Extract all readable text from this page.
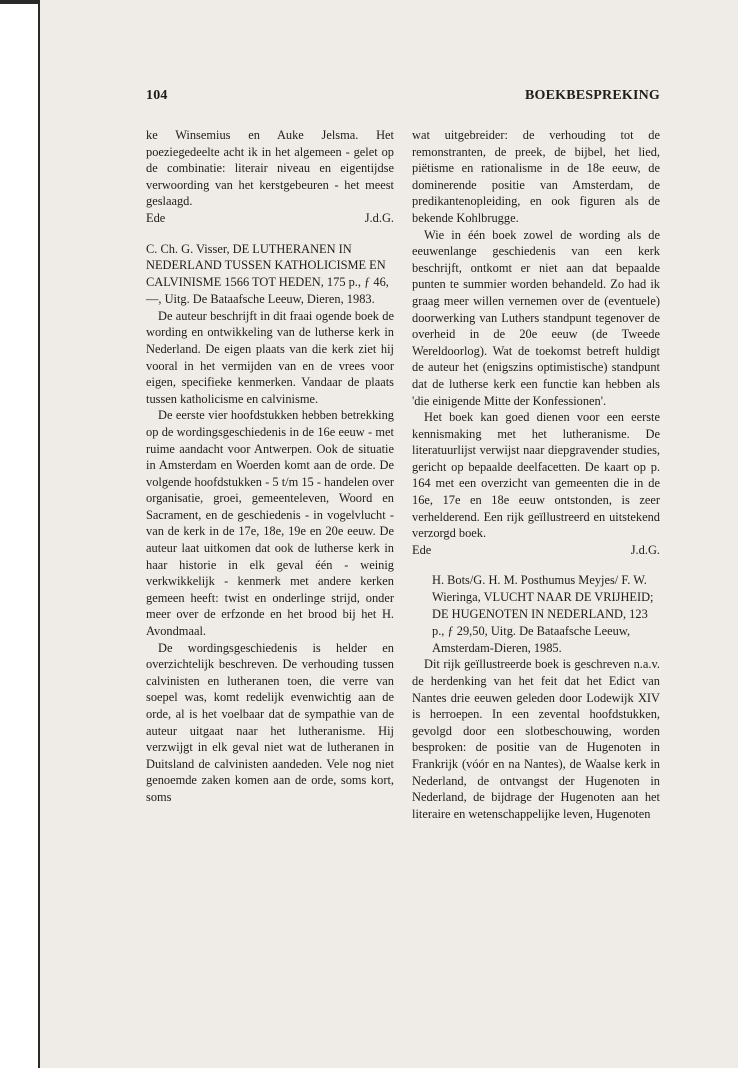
104	BOEKBESPREKING

ke Winsemius en Auke Jelsma. Het poeziegedeelte acht ik in het algemeen - gelet op de combinatie: literair niveau en eigentijdse verwoording van het kerstgebeuren - het meest geslaagd.

Ede	J.d.G.

C. Ch. G. Visser, DE LUTHERANEN IN NEDERLAND TUSSEN KATHOLICISME EN CALVINISME 1566 TOT HEDEN, 175 p., ƒ 46,—, Uitg. De Bataafsche Leeuw, Dieren, 1983.

De auteur beschrijft in dit fraai ogende boek de wording en ontwikkeling van de lutherse kerk in Nederland. De eigen plaats van die kerk ziet hij vooral in het vermijden van en de vrees voor eigen, specifieke kenmerken. Vandaar de plaats tussen katholicisme en calvinisme.

De eerste vier hoofdstukken hebben betrekking op de wordingsgeschiedenis in de 16e eeuw - met ruime aandacht voor Antwerpen. Ook de situatie in Amsterdam en Woerden komt aan de orde. De volgende hoofdstukken - 5 t/m 15 - handelen over organisatie, groei, gemeenteleven, Woord en Sacrament, en de geschiedenis - in vogelvlucht - van de kerk in de 17e, 18e, 19e en 20e eeuw. De auteur laat uitkomen dat ook de lutherse kerk in haar historie in elk geval één - weinig verkwikkelijk - kenmerk met andere kerken gemeen heeft: twist en onderlinge strijd, onder meer over de erfzonde en het brood bij het H. Avondmaal.

De wordingsgeschiedenis is helder en overzichtelijk beschreven. De verhouding tussen calvinisten en lutheranen toen, die verre van soepel was, komt redelijk evenwichtig aan de orde, al is het voelbaar dat de sympathie van de auteur uitgaat naar het lutheranisme. Hij verzwijgt in elk geval niet wat de lutheranen in Duitsland de calvinisten aandeden. Vele nog niet genoemde zaken komen aan de orde, soms kort, soms

wat uitgebreider: de verhouding tot de remonstranten, de preek, de bijbel, het lied, piëtisme en rationalisme in de 18e eeuw, de dominerende positie van Amsterdam, de predikantenopleiding, en ook figuren als de bekende Kohlbrugge.

Wie in één boek zowel de wording als de eeuwenlange geschiedenis van een kerk beschrijft, ontkomt er niet aan dat bepaalde punten te summier worden behandeld. Zo had ik graag meer willen vernemen over de (eventuele) doorwerking van Luthers standpunt tegenover de overheid in de 20e eeuw (de Tweede Wereldoorlog). Wat de toekomst betreft huldigt de auteur het (enigszins optimistische) standpunt dat de lutherse kerk een functie kan hebben als 'die einigende Mitte der Konfessionen'.

Het boek kan goed dienen voor een eerste kennismaking met het lutheranisme. De literatuurlijst verwijst naar diepgravender studies, gericht op bepaalde deelfacetten. De kaart op p. 164 met een overzicht van gemeenten die in de 16e, 17e en 18e eeuw ontstonden, is zeer verhelderend. Een rijk geïllustreerd en uitstekend verzorgd boek.

Ede	J.d.G.

H. Bots/G. H. M. Posthumus Meyjes/ F. W. Wieringa, VLUCHT NAAR DE VRIJHEID; DE HUGENOTEN IN NEDERLAND, 123 p., ƒ 29,50, Uitg. De Bataafsche Leeuw, Amsterdam-Dieren, 1985.

Dit rijk geïllustreerde boek is geschreven n.a.v. de herdenking van het feit dat het Edict van Nantes drie eeuwen geleden door Lodewijk XIV is herroepen. In een zevental hoofdstukken, gevolgd door een slotbeschouwing, worden besproken: de positie van de Hugenoten in Frankrijk (vóór en na Nantes), de Waalse kerk in Nederland, de ontvangst der Hugenoten in Nederland, de bijdrage der Hugenoten aan het literaire en wetenschappelijke leven, Hugenoten
